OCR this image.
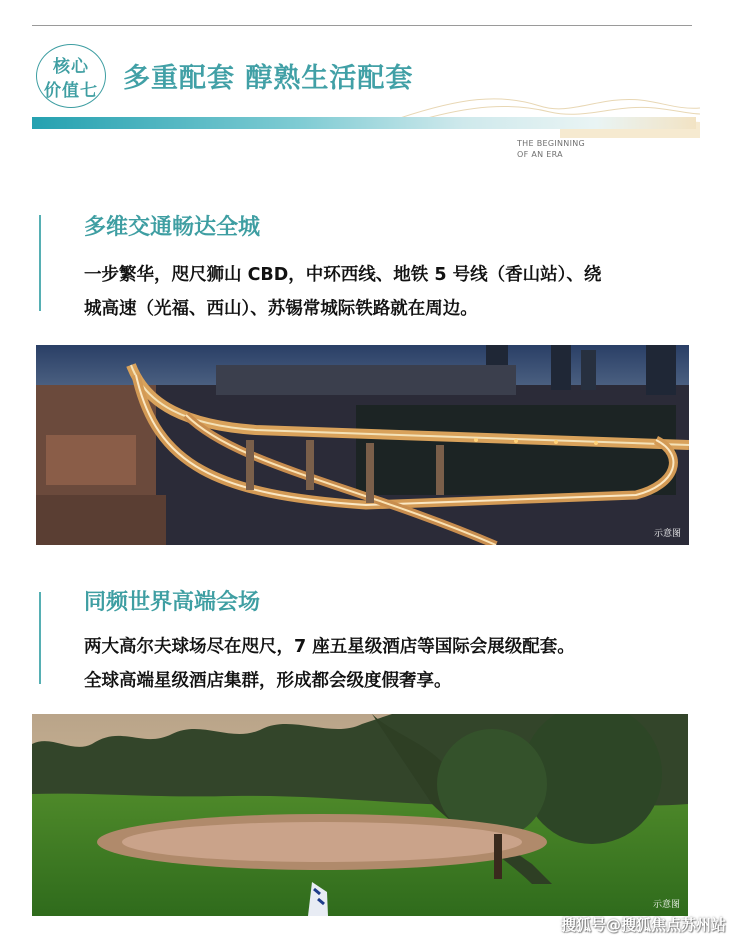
核心
价值七 多重配套 醇熟生活配套
THE BEGINNING
OF AN ERA
多维交通畅达全城
一步繁华，咫尺狮山 CBD，中环西线、地铁 5 号线（香山站）、绕
城高速（光福、西山）、苏锡常城际铁路就在周边。
示意图
同频世界高端会场
两大高尔夫球场尽在咫尺，7 座五星级酒店等国际会展级配套。
全球高端星级酒店集群，形成都会级度假奢享。
示意图
搜狐号@搜狐焦点苏州站
